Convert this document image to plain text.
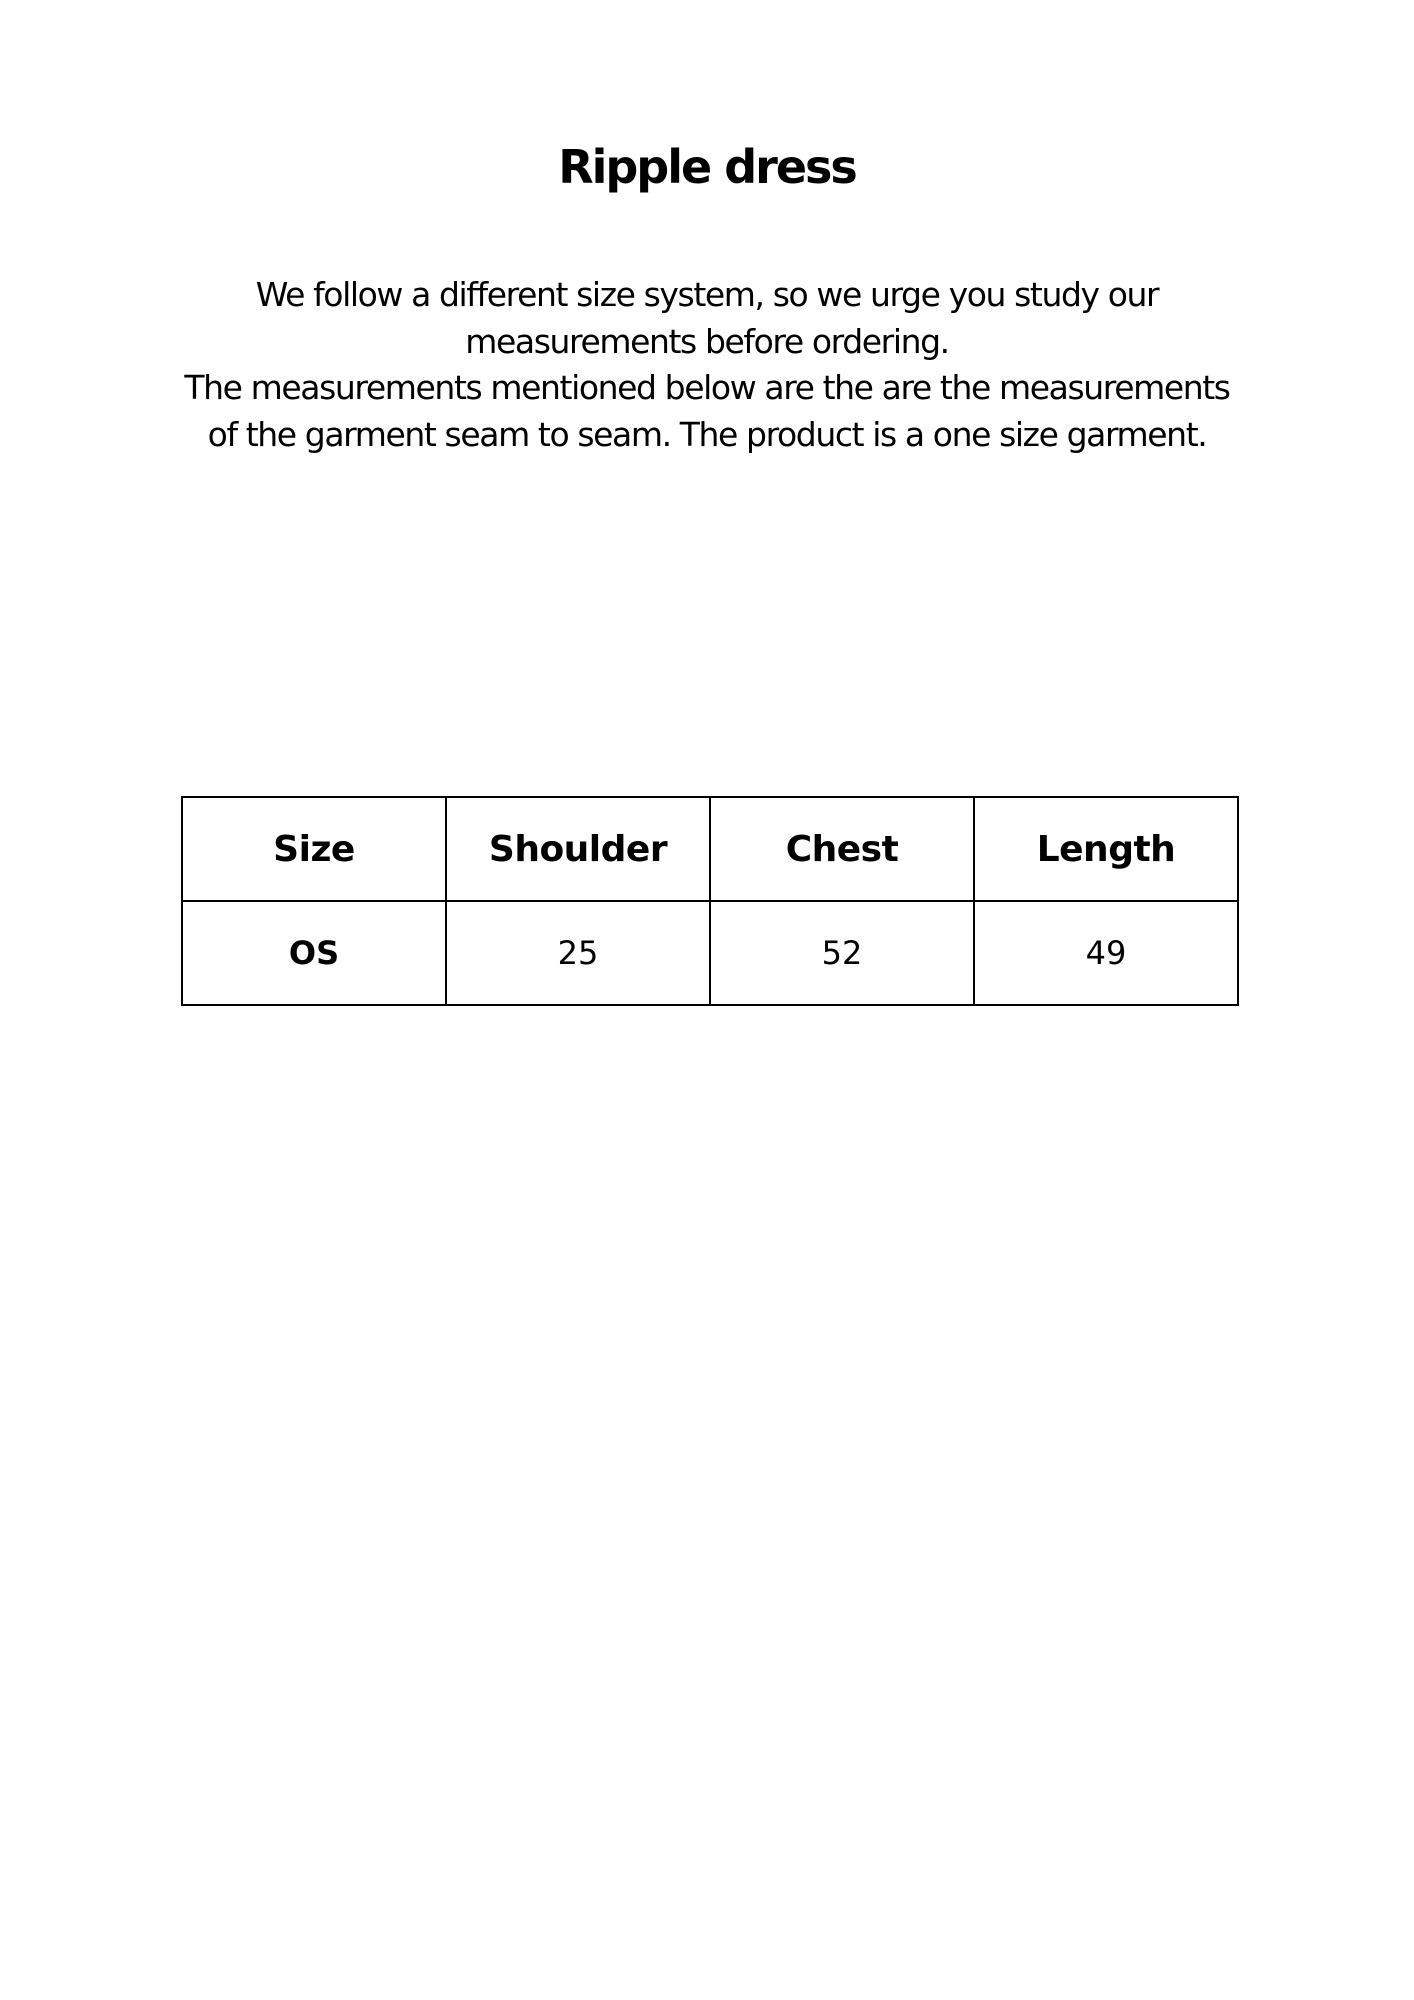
Ripple dress

We follow a different size system, so we urge you study our
measurements before ordering.
The measurements mentioned below are the are the measurements
of the garment seam to seam. The product is a one size garment.

Size	Shoulder	Chest	Length
OS	25	52	49
